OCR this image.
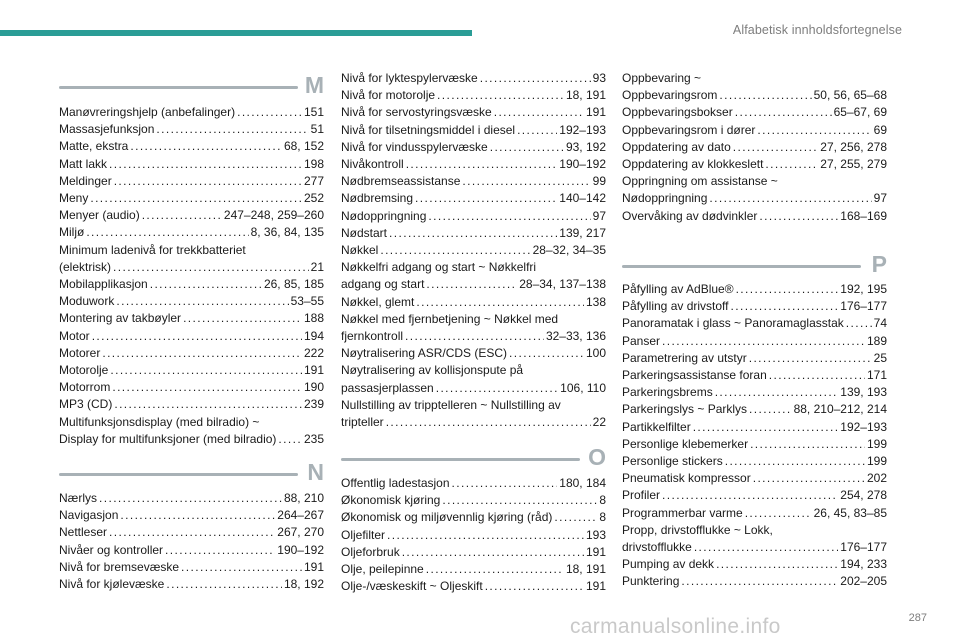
Alfabetisk innholdsfortegnelse
M
Manøvreringshjelp (anbefalinger) .....	151
Massasjefunksjon .....	51
Matte, ekstra .....	68, 152
Matt lakk .....	198
Meldinger .....	277
Meny .....	252
Menyer (audio) .....	247–248, 259–260
Miljø .....	8, 36, 84, 135
Minimum ladenivå for trekkbatteriet
(elektrisk) .....	21
Mobilapplikasjon .....	26, 85, 185
Moduwork .....	53–55
Montering av takbøyler .....	188
Motor .....	194
Motorer .....	222
Motorolje .....	191
Motorrom .....	190
MP3 (CD) .....	239
Multifunksjonsdisplay (med bilradio) ~
Display for multifunksjoner (med bilradio) ..... 235
N
Nærlys .....	88, 210
Navigasjon .....	264–267
Nettleser .....	267, 270
Nivåer og kontroller .....	190–192
Nivå for bremsevæske .....	191
Nivå for kjølevæske .....	18, 192
Nivå for lyktespylervæske .....	93
Nivå for motorolje .....	18, 191
Nivå for servostyringsvæske .....	191
Nivå for tilsetningsmiddel i diesel .....	192–193
Nivå for vindusspylervæske .....	93, 192
Nivåkontroll .....	190–192
Nødbremseassistanse .....	99
Nødbremsing .....	140–142
Nødoppringning .....	97
Nødstart .....	139, 217
Nøkkel .....	28–32, 34–35
Nøkkelfri adgang og start ~ Nøkkelfri
adgang og start .....	28–34, 137–138
Nøkkel, glemt .....	138
Nøkkel med fjernbetjening ~ Nøkkel med
fjernkontroll .....	32–33, 136
Nøytralisering ASR/CDS (ESC) .....	100
Nøytralisering av kollisjonspute på
passasjerplassen .....	106, 110
Nullstilling av tripptelleren ~ Nullstilling av
tripteller .....	22
O
Offentlig ladestasjon .....	180, 184
Økonomisk kjøring .....	8
Økonomisk og miljøvennlig kjøring (råd) .....	8
Oljefilter .....	193
Oljeforbruk .....	191
Olje, peilepinne .....	18, 191
Olje-/væskeskift ~ Oljeskift .....	191
Oppbevaring ~
Oppbevaringsrom .....	50, 56, 65–68
Oppbevaringsbokser .....	65–67, 69
Oppbevaringsrom i dører .....	69
Oppdatering av dato .....	27, 256, 278
Oppdatering av klokkeslett .....	27, 255, 279
Oppringning om assistanse ~
Nødoppringning .....	97
Overvåking av dødvinkler .....	168–169
P
Påfylling av AdBlue® .....	192, 195
Påfylling av drivstoff .....	176–177
Panoramatak i glass ~ Panoramaglasstak ..... 74
Panser .....	189
Parametrering av utstyr .....	25
Parkeringsassistanse foran .....	171
Parkeringsbrems .....	139, 193
Parkeringslys ~ Parklys .....	88, 210–212, 214
Partikkelfilter .....	192–193
Personlige klebemerker .....	199
Personlige stickers .....	199
Pneumatisk kompressor .....	202
Profiler .....	254, 278
Programmerbar varme .....	26, 45, 83–85
Propp, drivstofflukke ~ Lokk,
drivstofflukke .....	176–177
Pumping av dekk .....	194, 233
Punktering .....	202–205
287
carmanualsonline.info
